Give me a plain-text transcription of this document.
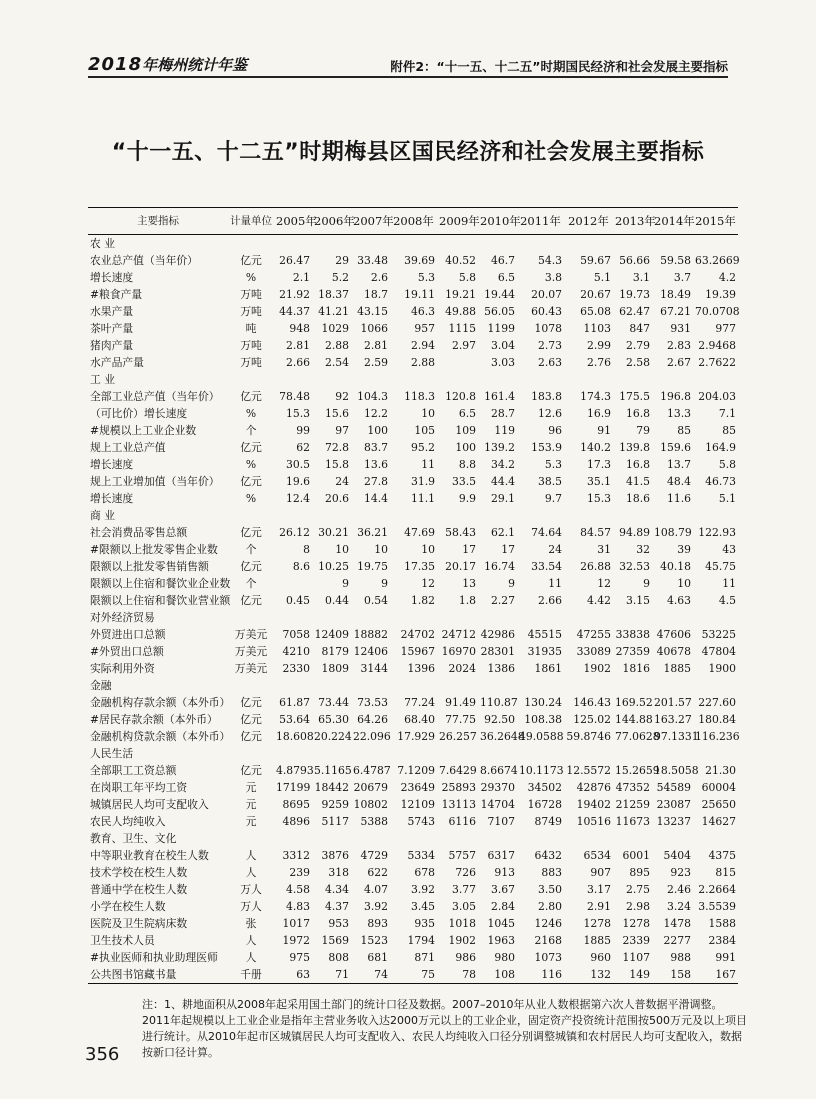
2018年梅州统计年鉴	附件2：“十一五、十二五”时期国民经济和社会发展主要指标
“十一五、十二五”时期梅县区国民经济和社会发展主要指标
主要指标	计量单位	2005年	2006年	2007年	2008年	2009年	2010年	2011年	2012年	2013年	2014年	2015年
农 业												
农业总产值（当年价）	亿元	26.47	29	33.48	39.69	40.52	46.7	54.3	59.67	56.66	59.58	63.2669
增长速度	%	2.1	5.2	2.6	5.3	5.8	6.5	3.8	5.1	3.1	3.7	4.2
#粮食产量	万吨	21.92	18.37	18.7	19.11	19.21	19.44	20.07	20.67	19.73	18.49	19.39
水果产量	万吨	44.37	41.21	43.15	46.3	49.88	56.05	60.43	65.08	62.47	67.21	70.0708
茶叶产量	吨	948	1029	1066	957	1115	1199	1078	1103	847	931	977
猪肉产量	万吨	2.81	2.88	2.81	2.94	2.97	3.04	2.73	2.99	2.79	2.83	2.9468
水产品产量	万吨	2.66	2.54	2.59	2.88		3.03	2.63	2.76	2.58	2.67	2.7622
工 业												
全部工业总产值（当年价）	亿元	78.48	92	104.3	118.3	120.8	161.4	183.8	174.3	175.5	196.8	204.03
（可比价）增长速度	%	15.3	15.6	12.2	10	6.5	28.7	12.6	16.9	16.8	13.3	7.1
#规模以上工业企业数	个	99	97	100	105	109	119	96	91	79	85	85
规上工业总产值	亿元	62	72.8	83.7	95.2	100	139.2	153.9	140.2	139.8	159.6	164.9
增长速度	%	30.5	15.8	13.6	11	8.8	34.2	5.3	17.3	16.8	13.7	5.8
规上工业增加值（当年价）	亿元	19.6	24	27.8	31.9	33.5	44.4	38.5	35.1	41.5	48.4	46.73
增长速度	%	12.4	20.6	14.4	11.1	9.9	29.1	9.7	15.3	18.6	11.6	5.1
商 业												
社会消费品零售总额	亿元	26.12	30.21	36.21	47.69	58.43	62.1	74.64	84.57	94.89	108.79	122.93
#限额以上批发零售企业数	个	8	10	10	10	17	17	24	31	32	39	43
限额以上批发零售销售额	亿元	8.6	10.25	19.75	17.35	20.17	16.74	33.54	26.88	32.53	40.18	45.75
限额以上住宿和餐饮业企业数	个		9	9	12	13	9	11	12	9	10	11
限额以上住宿和餐饮业营业额	亿元	0.45	0.44	0.54	1.82	1.8	2.27	2.66	4.42	3.15	4.63	4.5
对外经济贸易												
外贸进出口总额	万美元	7058	12409	18882	24702	24712	42986	45515	47255	33838	47606	53225
#外贸出口总额	万美元	4210	8179	12406	15967	16970	28301	31935	33089	27359	40678	47804
实际利用外资	万美元	2330	1809	3144	1396	2024	1386	1861	1902	1816	1885	1900
金融												
金融机构存款余额（本外币）	亿元	61.87	73.44	73.53	77.24	91.49	110.87	130.24	146.43	169.52	201.57	227.60
#居民存款余额（本外币）	亿元	53.64	65.30	64.26	68.40	77.75	92.50	108.38	125.02	144.88	163.27	180.84
金融机构贷款余额（本外币）	亿元	18.608	20.224	22.096	17.929	26.257	36.2648	49.0588	59.8746	77.0628	97.1331	116.236
人民生活												
全部职工工资总额	亿元	4.8793	5.1165	6.4787	7.1209	7.6429	8.6674	10.1173	12.5572	15.2659	18.5058	21.30
在岗职工年平均工资	元	17199	18442	20679	23649	25893	29370	34502	42876	47352	54589	60004
城镇居民人均可支配收入	元	8695	9259	10802	12109	13113	14704	16728	19402	21259	23087	25650
农民人均纯收入	元	4896	5117	5388	5743	6116	7107	8749	10516	11673	13237	14627
教育、卫生、文化												
中等职业教育在校生人数	人	3312	3876	4729	5334	5757	6317	6432	6534	6001	5404	4375
技术学校在校生人数	人	239	318	622	678	726	913	883	907	895	923	815
普通中学在校生人数	万人	4.58	4.34	4.07	3.92	3.77	3.67	3.50	3.17	2.75	2.46	2.2664
小学在校生人数	万人	4.83	4.37	3.92	3.45	3.05	2.84	2.80	2.91	2.98	3.24	3.5539
医院及卫生院病床数	张	1017	953	893	935	1018	1045	1246	1278	1278	1478	1588
卫生技术人员	人	1972	1569	1523	1794	1902	1963	2168	1885	2339	2277	2384
#执业医师和执业助理医师	人	975	808	681	871	986	980	1073	960	1107	988	991
公共图书馆藏书量	千册	63	71	74	75	78	108	116	132	149	158	167
注：1、耕地面积从2008年起采用国土部门的统计口径及数据。2007–2010年从业人数根据第六次人普数据平滑调整。2011年起规模以上工业企业是指年主营业务收入达2000万元以上的工业企业，固定资产投资统计范围按500万元及以上项目进行统计。从2010年起市区城镇居民人均可支配收入、农民人均纯收入口径分别调整城镇和农村居民人均可支配收入，数据按新口径计算。
356
